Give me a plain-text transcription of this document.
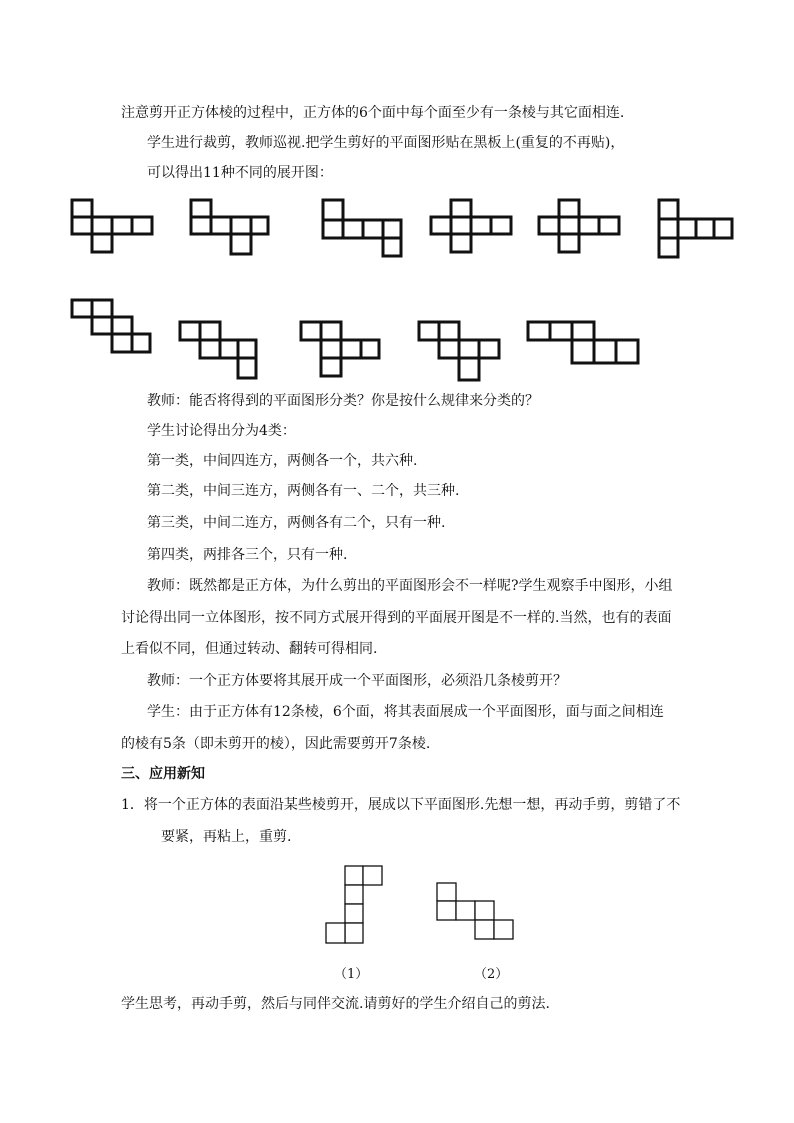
注意剪开正方体棱的过程中，正方体的6个面中每个面至少有一条棱与其它面相连.
学生进行裁剪，教师巡视.把学生剪好的平面图形贴在黑板上(重复的不再贴)，
可以得出11种不同的展开图：
教师：能否将得到的平面图形分类？你是按什么规律来分类的？
学生讨论得出分为4类：
第一类，中间四连方，两侧各一个，共六种.
第二类，中间三连方，两侧各有一、二个，共三种.
第三类，中间二连方，两侧各有二个，只有一种.
第四类，两排各三个，只有一种.
教师：既然都是正方体，为什么剪出的平面图形会不一样呢?学生观察手中图形，小组
讨论得出同一立体图形，按不同方式展开得到的平面展开图是不一样的.当然，也有的表面
上看似不同，但通过转动、翻转可得相同.
教师：一个正方体要将其展开成一个平面图形，必须沿几条棱剪开？
学生：由于正方体有12条棱，6个面，将其表面展成一个平面图形，面与面之间相连
的棱有5条（即未剪开的棱），因此需要剪开7条棱.
三、应用新知
1．将一个正方体的表面沿某些棱剪开，展成以下平面图形.先想一想，再动手剪，剪错了不
要紧，再粘上，重剪.
（1）	（2）
学生思考，再动手剪，然后与同伴交流.请剪好的学生介绍自己的剪法.
